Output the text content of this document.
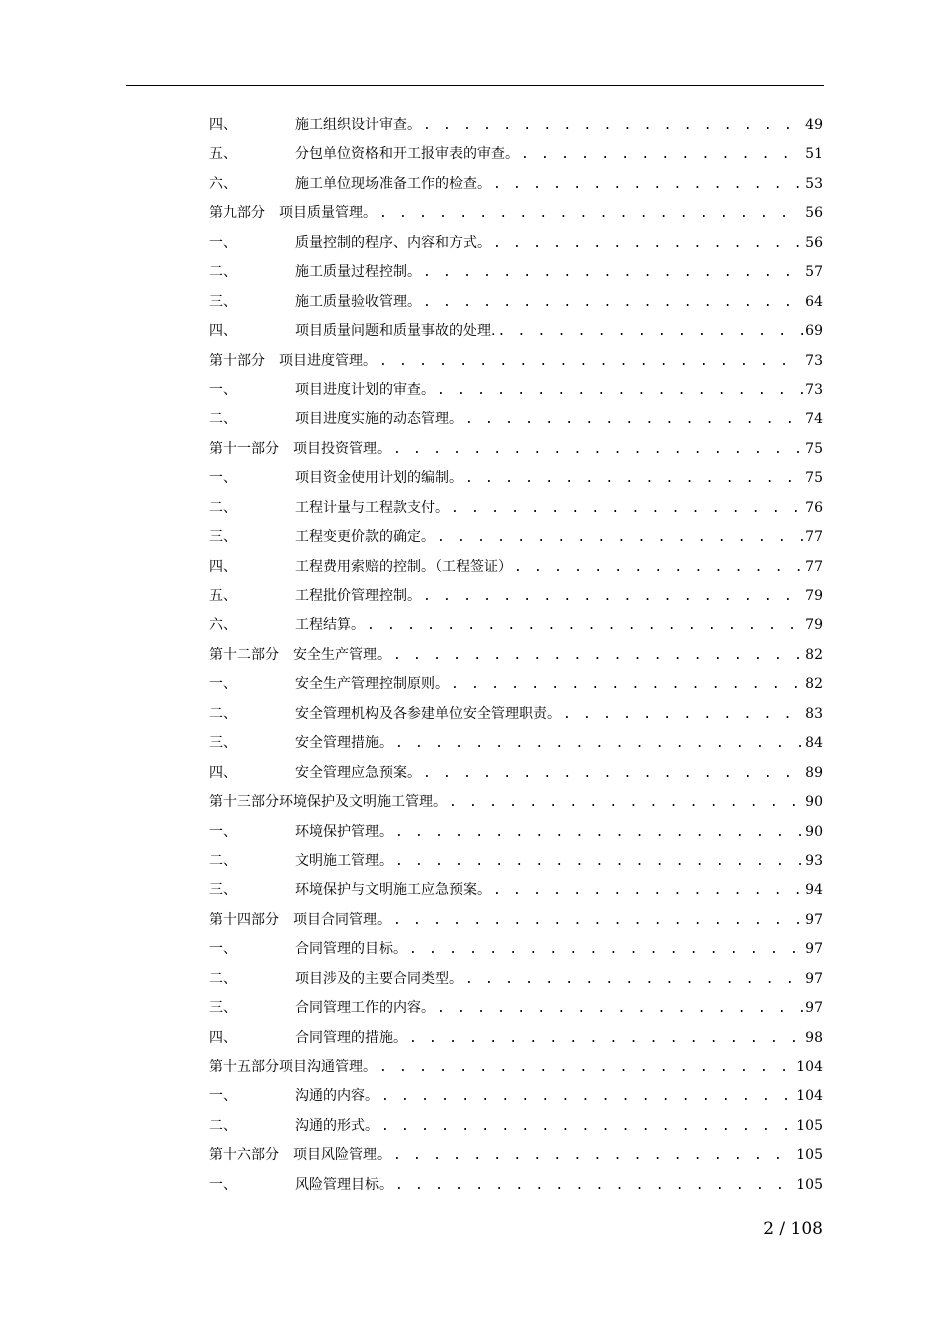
四、	施工组织设计审查。 . . .	49
五、	分包单位资格和开工报审表的审查。 . . .	51
六、	施工单位现场准备工作的检查。 . . .	53
第九部分	项目质量管理。 . . .	56
一、	质量控制的程序、内容和方式。 . . .	56
二、	施工质量过程控制。 . . .	57
三、	施工质量验收管理。 . . .	64
四、	项目质量问题和质量事故的处理. . . .	69
第十部分	项目进度管理。 . . .	73
一、	项目进度计划的审查。 . . .	73
二、	项目进度实施的动态管理。 . . .	74
第十一部分	项目投资管理。 . . .	75
一、	项目资金使用计划的编制。 . . .	75
二、	工程计量与工程款支付。 . . .	76
三、	工程变更价款的确定。 . . .	77
四、	工程费用索赔的控制。（工程签证） . . .	77
五、	工程批价管理控制。 . . .	79
六、	工程结算。 . . .	79
第十二部分	安全生产管理。 . . .	82
一、	安全生产管理控制原则。 . . .	82
二、	安全管理机构及各参建单位安全管理职责。 . . .	83
三、	安全管理措施。 . . .	84
四、	安全管理应急预案。 . . .	89
第十三部分 环境保护及文明施工管理。 . . .	90
一、	环境保护管理。 . . .	90
二、	文明施工管理。 . . .	93
三、	环境保护与文明施工应急预案。 . . .	94
第十四部分	项目合同管理。 . . .	97
一、	合同管理的目标。 . . .	97
二、	项目涉及的主要合同类型。 . . .	97
三、	合同管理工作的内容。 . . .	97
四、	合同管理的措施。 . . .	98
第十五部分 项目沟通管理。 . . .	104
一、	沟通的内容。 . . .	104
二、	沟通的形式。 . . .	105
第十六部分	项目风险管理。 . . .	105
一、	风险管理目标。 . . .	105
2 / 108
